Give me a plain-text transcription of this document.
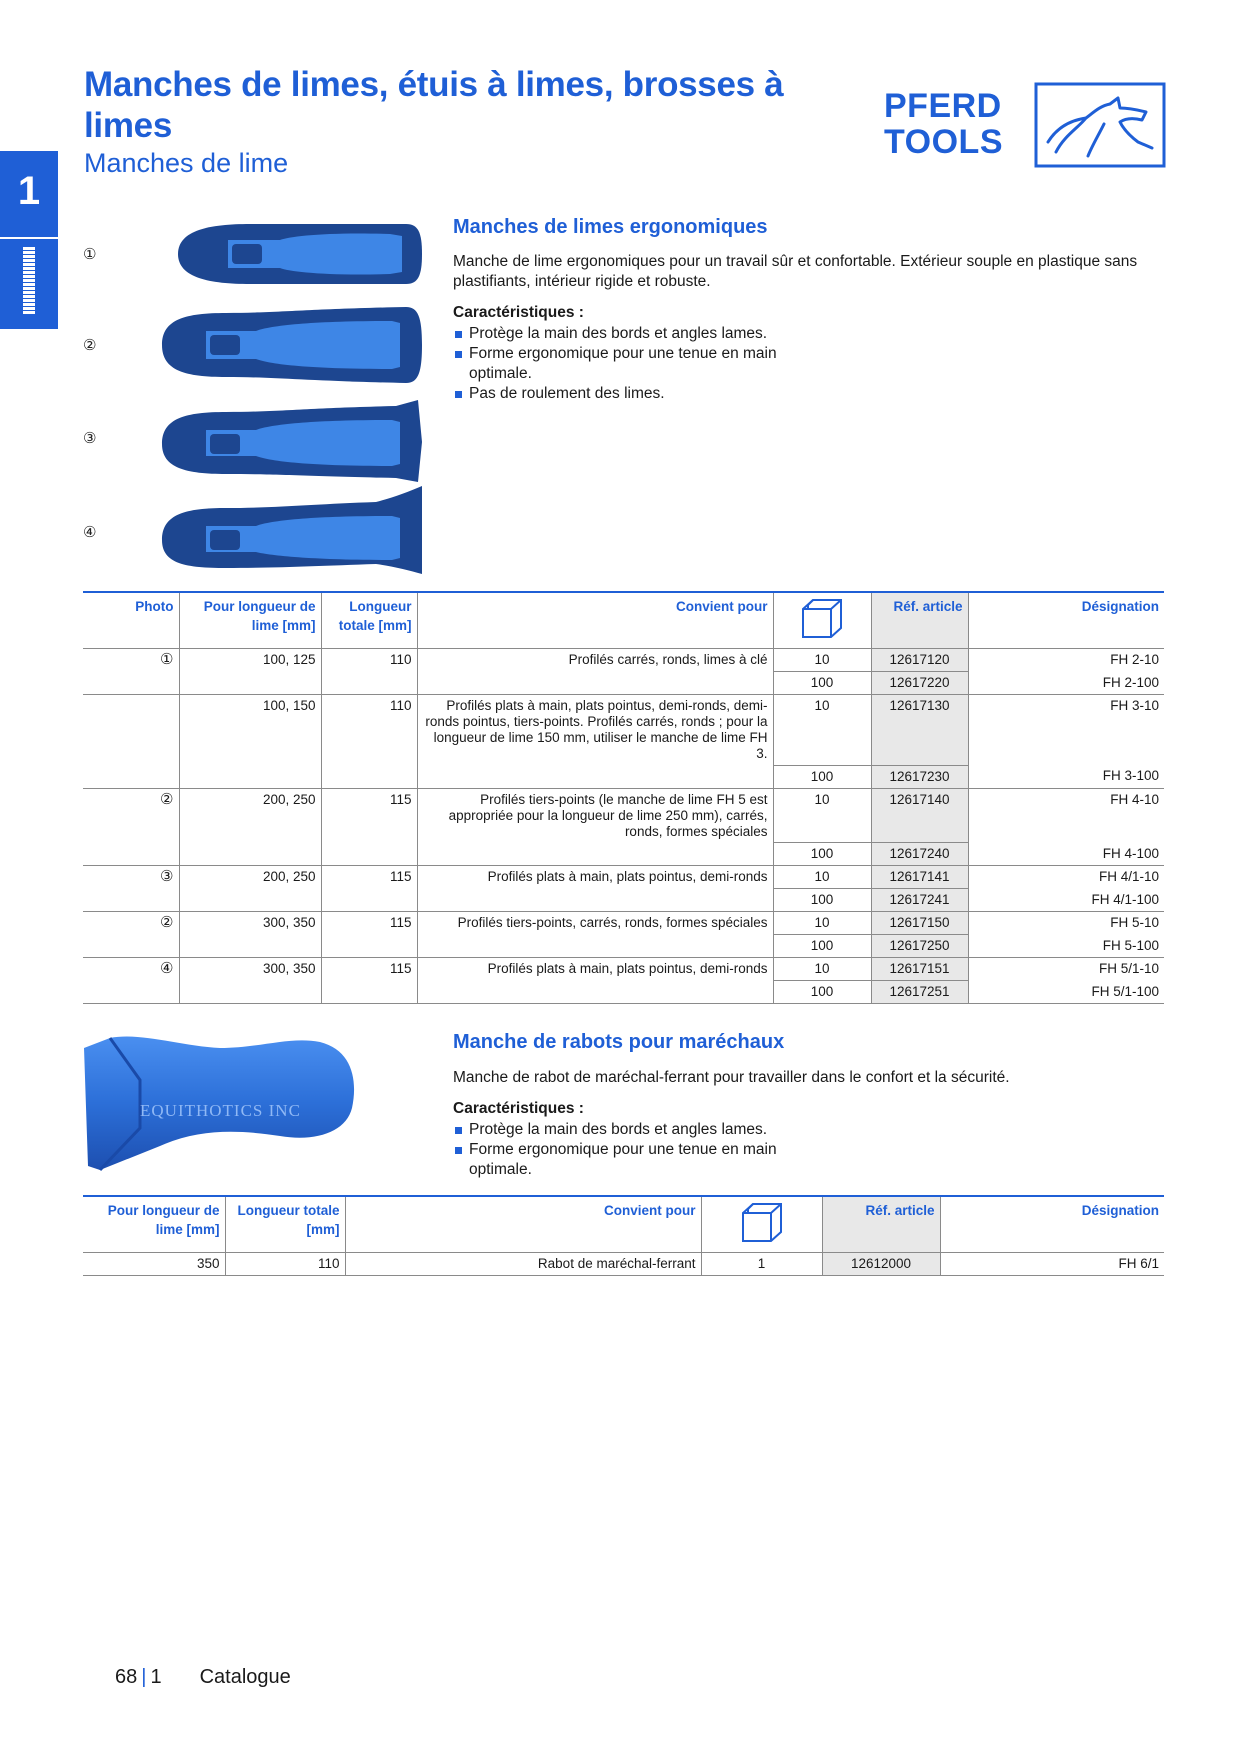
Manches de limes, étuis à limes, brosses à limes
Manches de lime
PFERD
TOOLS
1
①
②
③
④
Manches de limes ergonomiques

Manche de lime ergonomiques pour un travail sûr et confortable. Extérieur souple en plastique sans plastifiants, intérieur rigide et robuste.

Caractéristiques :
Protège la main des bords et angles lames.
Forme ergonomique pour une tenue en main optimale.
Pas de roulement des limes.
Photo	Pour longueur de lime [mm]	Longueur totale [mm]	Convient pour		Réf. article	Désignation
①	100, 125	110	Profilés carrés, ronds, limes à clé	10	12617120	FH 2-10
				100	12617220	FH 2-100
	100, 150	110	Profilés plats à main, plats pointus, demi-ronds, demi-ronds pointus, tiers-points. Profilés carrés, ronds ; pour la longueur de lime 150 mm, utiliser le manche de lime FH 3.	10	12617130	FH 3-10
				100	12617230	FH 3-100
②	200, 250	115	Profilés tiers-points (le manche de lime FH 5 est appropriée pour la longueur de lime 250 mm), carrés, ronds, formes spéciales	10	12617140	FH 4-10
				100	12617240	FH 4-100
③	200, 250	115	Profilés plats à main, plats pointus, demi-ronds	10	12617141	FH 4/1-10
				100	12617241	FH 4/1-100
②	300, 350	115	Profilés tiers-points, carrés, ronds, formes spéciales	10	12617150	FH 5-10
				100	12617250	FH 5-100
④	300, 350	115	Profilés plats à main, plats pointus, demi-ronds	10	12617151	FH 5/1-10
				100	12617251	FH 5/1-100
EQUITHOTICS INC
Manche de rabots pour maréchaux

Manche de rabot de maréchal-ferrant pour travailler dans le confort et la sécurité.

Caractéristiques :
Protège la main des bords et angles lames.
Forme ergonomique pour une tenue en main optimale.
Pour longueur de lime [mm]	Longueur totale [mm]	Convient pour		Réf. article	Désignation
350	110	Rabot de maréchal-ferrant	1	12612000	FH 6/1
68 | 1 Catalogue
